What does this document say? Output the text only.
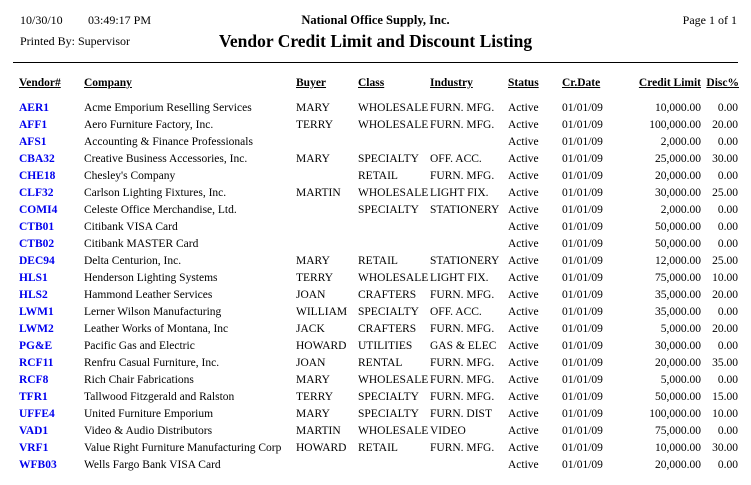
10/30/10 03:49:17 PM	National Office Supply, Inc.	Page 1 of 1
Printed By: Supervisor	Vendor Credit Limit and Discount Listing
Vendor#	Company	Buyer	Class	Industry	Status	Cr.Date	Credit Limit	Disc%
AER1	Acme Emporium Reselling Services	MARY	WHOLESALE	FURN. MFG.	Active	01/01/09	10,000.00	0.00
AFF1	Aero Furniture Factory, Inc.	TERRY	WHOLESALE	FURN. MFG.	Active	01/01/09	100,000.00	20.00
AFS1	Accounting & Finance Professionals				Active	01/01/09	2,000.00	0.00
CBA32	Creative Business Accessories, Inc.	MARY	SPECIALTY	OFF. ACC.	Active	01/01/09	25,000.00	30.00
CHE18	Chesley's Company		RETAIL	FURN. MFG.	Active	01/01/09	20,000.00	0.00
CLF32	Carlson Lighting Fixtures, Inc.	MARTIN	WHOLESALE	LIGHT FIX.	Active	01/01/09	30,000.00	25.00
COMI4	Celeste Office Merchandise, Ltd.		SPECIALTY	STATIONERY	Active	01/01/09	2,000.00	0.00
CTB01	Citibank VISA Card				Active	01/01/09	50,000.00	0.00
CTB02	Citibank MASTER Card				Active	01/01/09	50,000.00	0.00
DEC94	Delta Centurion, Inc.	MARY	RETAIL	STATIONERY	Active	01/01/09	12,000.00	25.00
HLS1	Henderson Lighting Systems	TERRY	WHOLESALE	LIGHT FIX.	Active	01/01/09	75,000.00	10.00
HLS2	Hammond Leather Services	JOAN	CRAFTERS	FURN. MFG.	Active	01/01/09	35,000.00	20.00
LWM1	Lerner Wilson Manufacturing	WILLIAM	SPECIALTY	OFF. ACC.	Active	01/01/09	35,000.00	0.00
LWM2	Leather Works of Montana, Inc	JACK	CRAFTERS	FURN. MFG.	Active	01/01/09	5,000.00	20.00
PG&E	Pacific Gas and Electric	HOWARD	UTILITIES	GAS & ELEC	Active	01/01/09	30,000.00	0.00
RCF11	Renfru Casual Furniture, Inc.	JOAN	RENTAL	FURN. MFG.	Active	01/01/09	20,000.00	35.00
RCF8	Rich Chair Fabrications	MARY	WHOLESALE	FURN. MFG.	Active	01/01/09	5,000.00	0.00
TFR1	Tallwood Fitzgerald and Ralston	TERRY	SPECIALTY	FURN. MFG.	Active	01/01/09	50,000.00	15.00
UFFE4	United Furniture Emporium	MARY	SPECIALTY	FURN. DIST	Active	01/01/09	100,000.00	10.00
VAD1	Video & Audio Distributors	MARTIN	WHOLESALE	VIDEO	Active	01/01/09	75,000.00	0.00
VRF1	Value Right Furniture Manufacturing Corp	HOWARD	RETAIL	FURN. MFG.	Active	01/01/09	10,000.00	30.00
WFB03	Wells Fargo Bank VISA Card				Active	01/01/09	20,000.00	0.00
